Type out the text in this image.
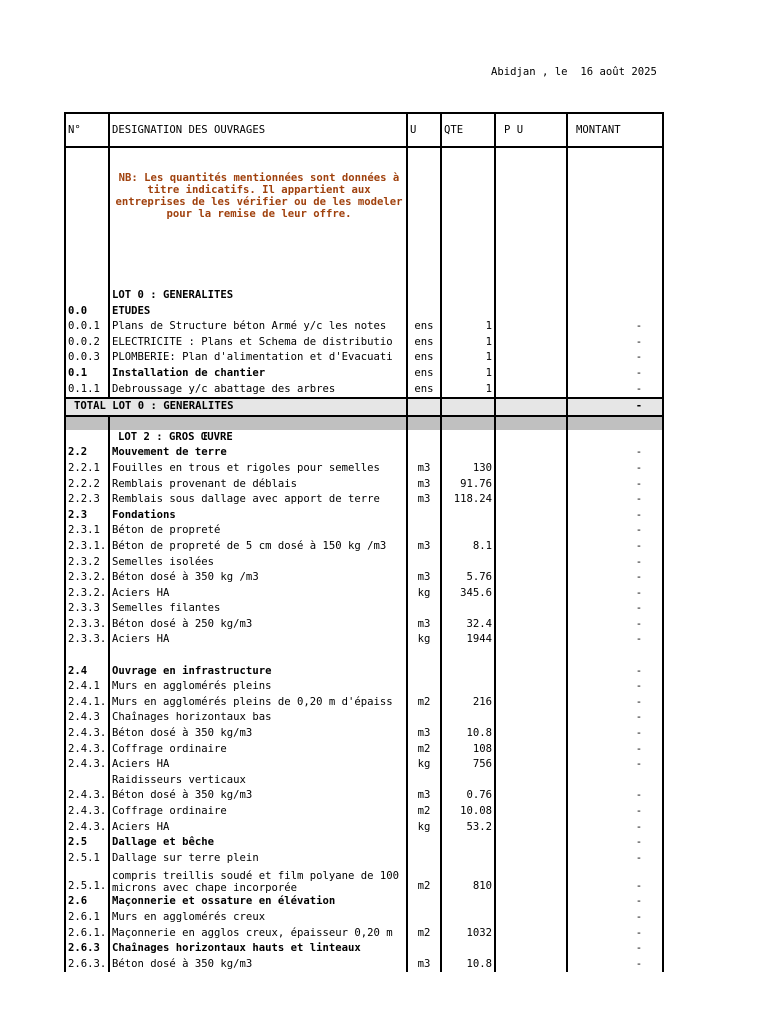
Abidjan , le 16 août 2025
N°	DESIGNATION DES OUVRAGES	U	QTE	P U	MONTANT
	NB: Les quantités mentionnées sont données à titre indicatifs. Il appartient aux entreprises de les vérifier ou de les modeler pour la remise de leur offre.				
	LOT 0 : GENERALITES				
0.0	ETUDES				
0.0.1	Plans de Structure béton Armé y/c les notes	ens	1		-
0.0.2	ELECTRICITE : Plans et Schema de distributio	ens	1		-
0.0.3	PLOMBERIE: Plan d'alimentation et d'Evacuati	ens	1		-
0.1	Installation de chantier	ens	1		-
0.1.1	Debroussage y/c abattage des arbres	ens	1		-
TOTAL LOT 0 : GENERALITES					-

	LOT 2 : GROS ŒUVRE				
2.2	Mouvement de terre				-
2.2.1	Fouilles en trous et rigoles pour semelles	m3	130		-
2.2.2	Remblais provenant de déblais	m3	91.76		-
2.2.3	Remblais sous dallage avec apport de terre	m3	118.24		-
2.3	Fondations				-
2.3.1	Béton de propreté				-
2.3.1.	Béton de propreté de 5 cm dosé à 150 kg /m3	m3	8.1		-
2.3.2	Semelles isolées				-
2.3.2.	Béton dosé à 350 kg /m3	m3	5.76		-
2.3.2.	Aciers HA	kg	345.6		-
2.3.3	Semelles filantes				-
2.3.3.	Béton dosé à 250 kg/m3	m3	32.4		-
2.3.3.	Aciers HA	kg	1944		-

2.4	Ouvrage en infrastructure				-
2.4.1	Murs en agglomérés pleins				-
2.4.1.	Murs en agglomérés pleins de 0,20 m d'épaiss	m2	216		-
2.4.3	Chaînages horizontaux bas				-
2.4.3.	Béton dosé à 350 kg/m3	m3	10.8		-
2.4.3.	Coffrage ordinaire	m2	108		-
2.4.3.	Aciers HA	kg	756		-
	Raidisseurs verticaux				
2.4.3.	Béton dosé à 350 kg/m3	m3	0.76		-
2.4.3.	Coffrage ordinaire	m2	10.08		-
2.4.3.	Aciers HA	kg	53.2		-
2.5	Dallage et bêche				-
2.5.1	Dallage sur terre plein				-
2.5.1.	compris treillis soudé et film polyane de 100 microns avec chape incorporée	m2	810		-
2.6	Maçonnerie et ossature en élévation				-
2.6.1	Murs en agglomérés creux				-
2.6.1.	Maçonnerie en agglos creux, épaisseur 0,20 m	m2	1032		-
2.6.3	Chaînages horizontaux hauts et linteaux				-
2.6.3.	Béton dosé à 350 kg/m3	m3	10.8		-
